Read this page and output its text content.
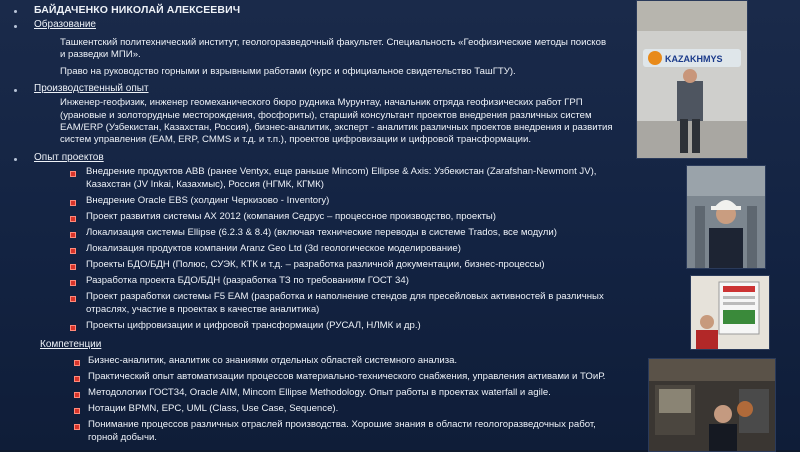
БАЙДАЧЕНКО НИКОЛАЙ АЛЕКСЕЕВИЧ
Образование
Ташкентский политехнический институт, геологоразведочный факультет. Специальность «Геофизические методы поисков
и разведки МПИ».
Право на руководство горными и взрывными работами (курс и официальное свидетельство ТашГТУ).
Производственный опыт
Инженер-геофизик, инженер геомеханического бюро рудника Мурунтау, начальник отряда геофизических работ ГРП
(урановые и золоторудные месторождения, фосфориты), старший консультант проектов внедрения различных систем
EAM/ERP (Узбекистан, Казахстан, Россия), бизнес-аналитик, эксперт - аналитик различных проектов внедрения и развития
систем управления (EAM, ERP, CMMS и т.д. и т.п.), проектов цифровизации и цифровой трансформации.
Опыт проектов
Внедрение продуктов ABB (ранее Ventyx, еще раньше Mincom) Ellipse & Axis: Узбекистан (Zarafshan-Newmont JV),
Казахстан (JV Inkai, Казахмыс), Россия (НГМК, КГМК)
Внедрение Oracle EBS (холдинг Черкизово - Inventory)
Проект развития системы AX 2012 (компания Седрус – процессное производство, проекты)
Локализация системы Ellipse (6.2.3 & 8.4) (включая технические переводы в системе Trados, все модули)
Локализация продуктов компании Aranz Geo Ltd (3d геологическое моделирование)
Проекты БДО/БДН (Полюс, СУЭК, КТК и т.д. – разработка различной документации, бизнес-процессы)
Разработка проекта БДО/БДН (разработка ТЗ по требованиям ГОСТ 34)
Проект разработки системы F5 EAM (разработка и наполнение стендов для пресейловых активностей в различных
отраслях, участие в проектах в качестве аналитика)
Проекты цифровизации и цифровой трансформации (РУСАЛ, НЛМК и др.)
Компетенции
Бизнес-аналитик, аналитик со знаниями отдельных областей системного анализа.
Практический опыт автоматизации процессов материально-технического снабжения, управления активами и ТОиР.
Методологии ГОСТ34, Oracle AIM, Mincom Ellipse Methodology. Опыт работы в проектах waterfall и agile.
Нотации BPMN, EPC, UML (Class, Use Case, Sequence).
Понимание процессов различных отраслей производства. Хорошие знания в области геологоразведочных работ,
горной добычи.
KAZAKHMYS
